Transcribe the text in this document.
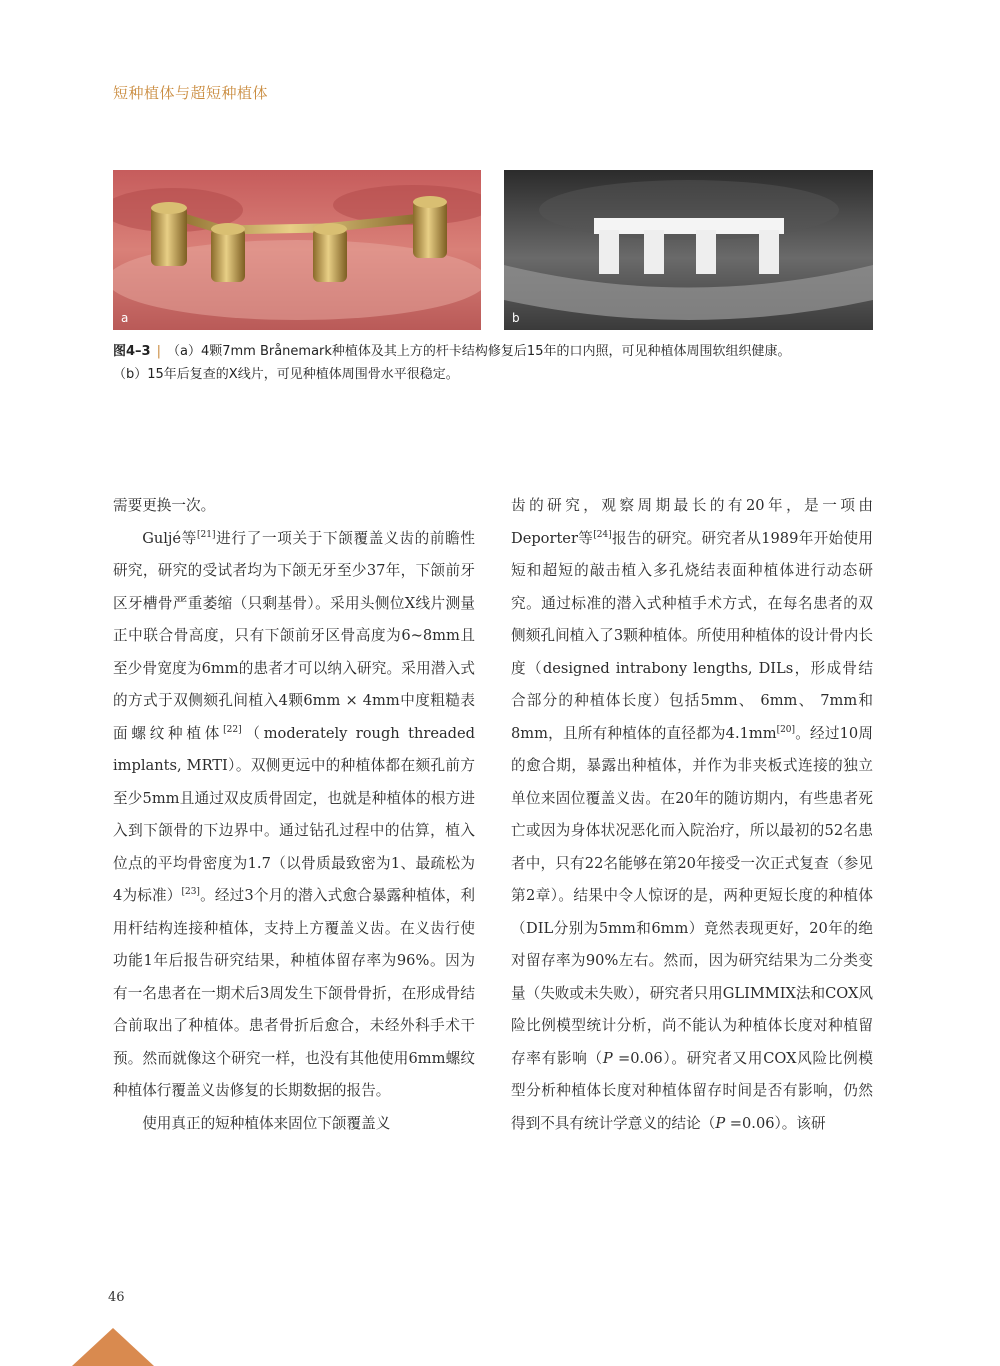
短种植体与超短种植体
a	b
图4–3 | （a）4颗7mm Brånemark种植体及其上方的杆卡结构修复后15年的口内照，可见种植体周围软组织健康。
（b）15年后复查的X线片，可见种植体周围骨水平很稳定。

需要更换一次。

Guljé等[21]进行了一项关于下颌覆盖义齿的前瞻性研究，研究的受试者均为下颌无牙至少37年，下颌前牙区牙槽骨严重萎缩（只剩基骨）。采用头侧位X线片测量正中联合骨高度，只有下颌前牙区骨高度为6~8mm且至少骨宽度为6mm的患者才可以纳入研究。采用潜入式的方式于双侧颏孔间植入4颗6mm × 4mm中度粗糙表面螺纹种植体[22]（moderately rough threaded implants, MRTI）。双侧更远中的种植体都在颏孔前方至少5mm且通过双皮质骨固定，也就是种植体的根方进入到下颌骨的下边界中。通过钻孔过程中的估算，植入位点的平均骨密度为1.7（以骨质最致密为1、最疏松为4为标准）[23]。经过3个月的潜入式愈合暴露种植体，利用杆结构连接种植体，支持上方覆盖义齿。在义齿行使功能1年后报告研究结果，种植体留存率为96%。因为有一名患者在一期术后3周发生下颌骨骨折，在形成骨结合前取出了种植体。患者骨折后愈合，未经外科手术干预。然而就像这个研究一样，也没有其他使用6mm螺纹种植体行覆盖义齿修复的长期数据的报告。

使用真正的短种植体来固位下颌覆盖义

齿的研究，观察周期最长的有20年，是一项由Deporter等[24]报告的研究。研究者从1989年开始使用短和超短的敲击植入多孔烧结表面种植体进行动态研究。通过标准的潜入式种植手术方式，在每名患者的双侧颏孔间植入了3颗种植体。所使用种植体的设计骨内长度（designed intrabony lengths, DILs，形成骨结合部分的种植体长度）包括5mm、 6mm、 7mm和8mm，且所有种植体的直径都为4.1mm[20]。经过10周的愈合期，暴露出种植体，并作为非夹板式连接的独立单位来固位覆盖义齿。在20年的随访期内，有些患者死亡或因为身体状况恶化而入院治疗，所以最初的52名患者中，只有22名能够在第20年接受一次正式复查（参见第2章）。结果中令人惊讶的是，两种更短长度的种植体（DIL分别为5mm和6mm）竟然表现更好，20年的绝对留存率为90%左右。然而，因为研究结果为二分类变量（失败或未失败），研究者只用GLIMMIX法和COX风险比例模型统计分析，尚不能认为种植体长度对种植留存率有影响（P =0.06）。研究者又用COX风险比例模型分析种植体长度对种植体留存时间是否有影响，仍然得到不具有统计学意义的结论（P =0.06）。该研

46
